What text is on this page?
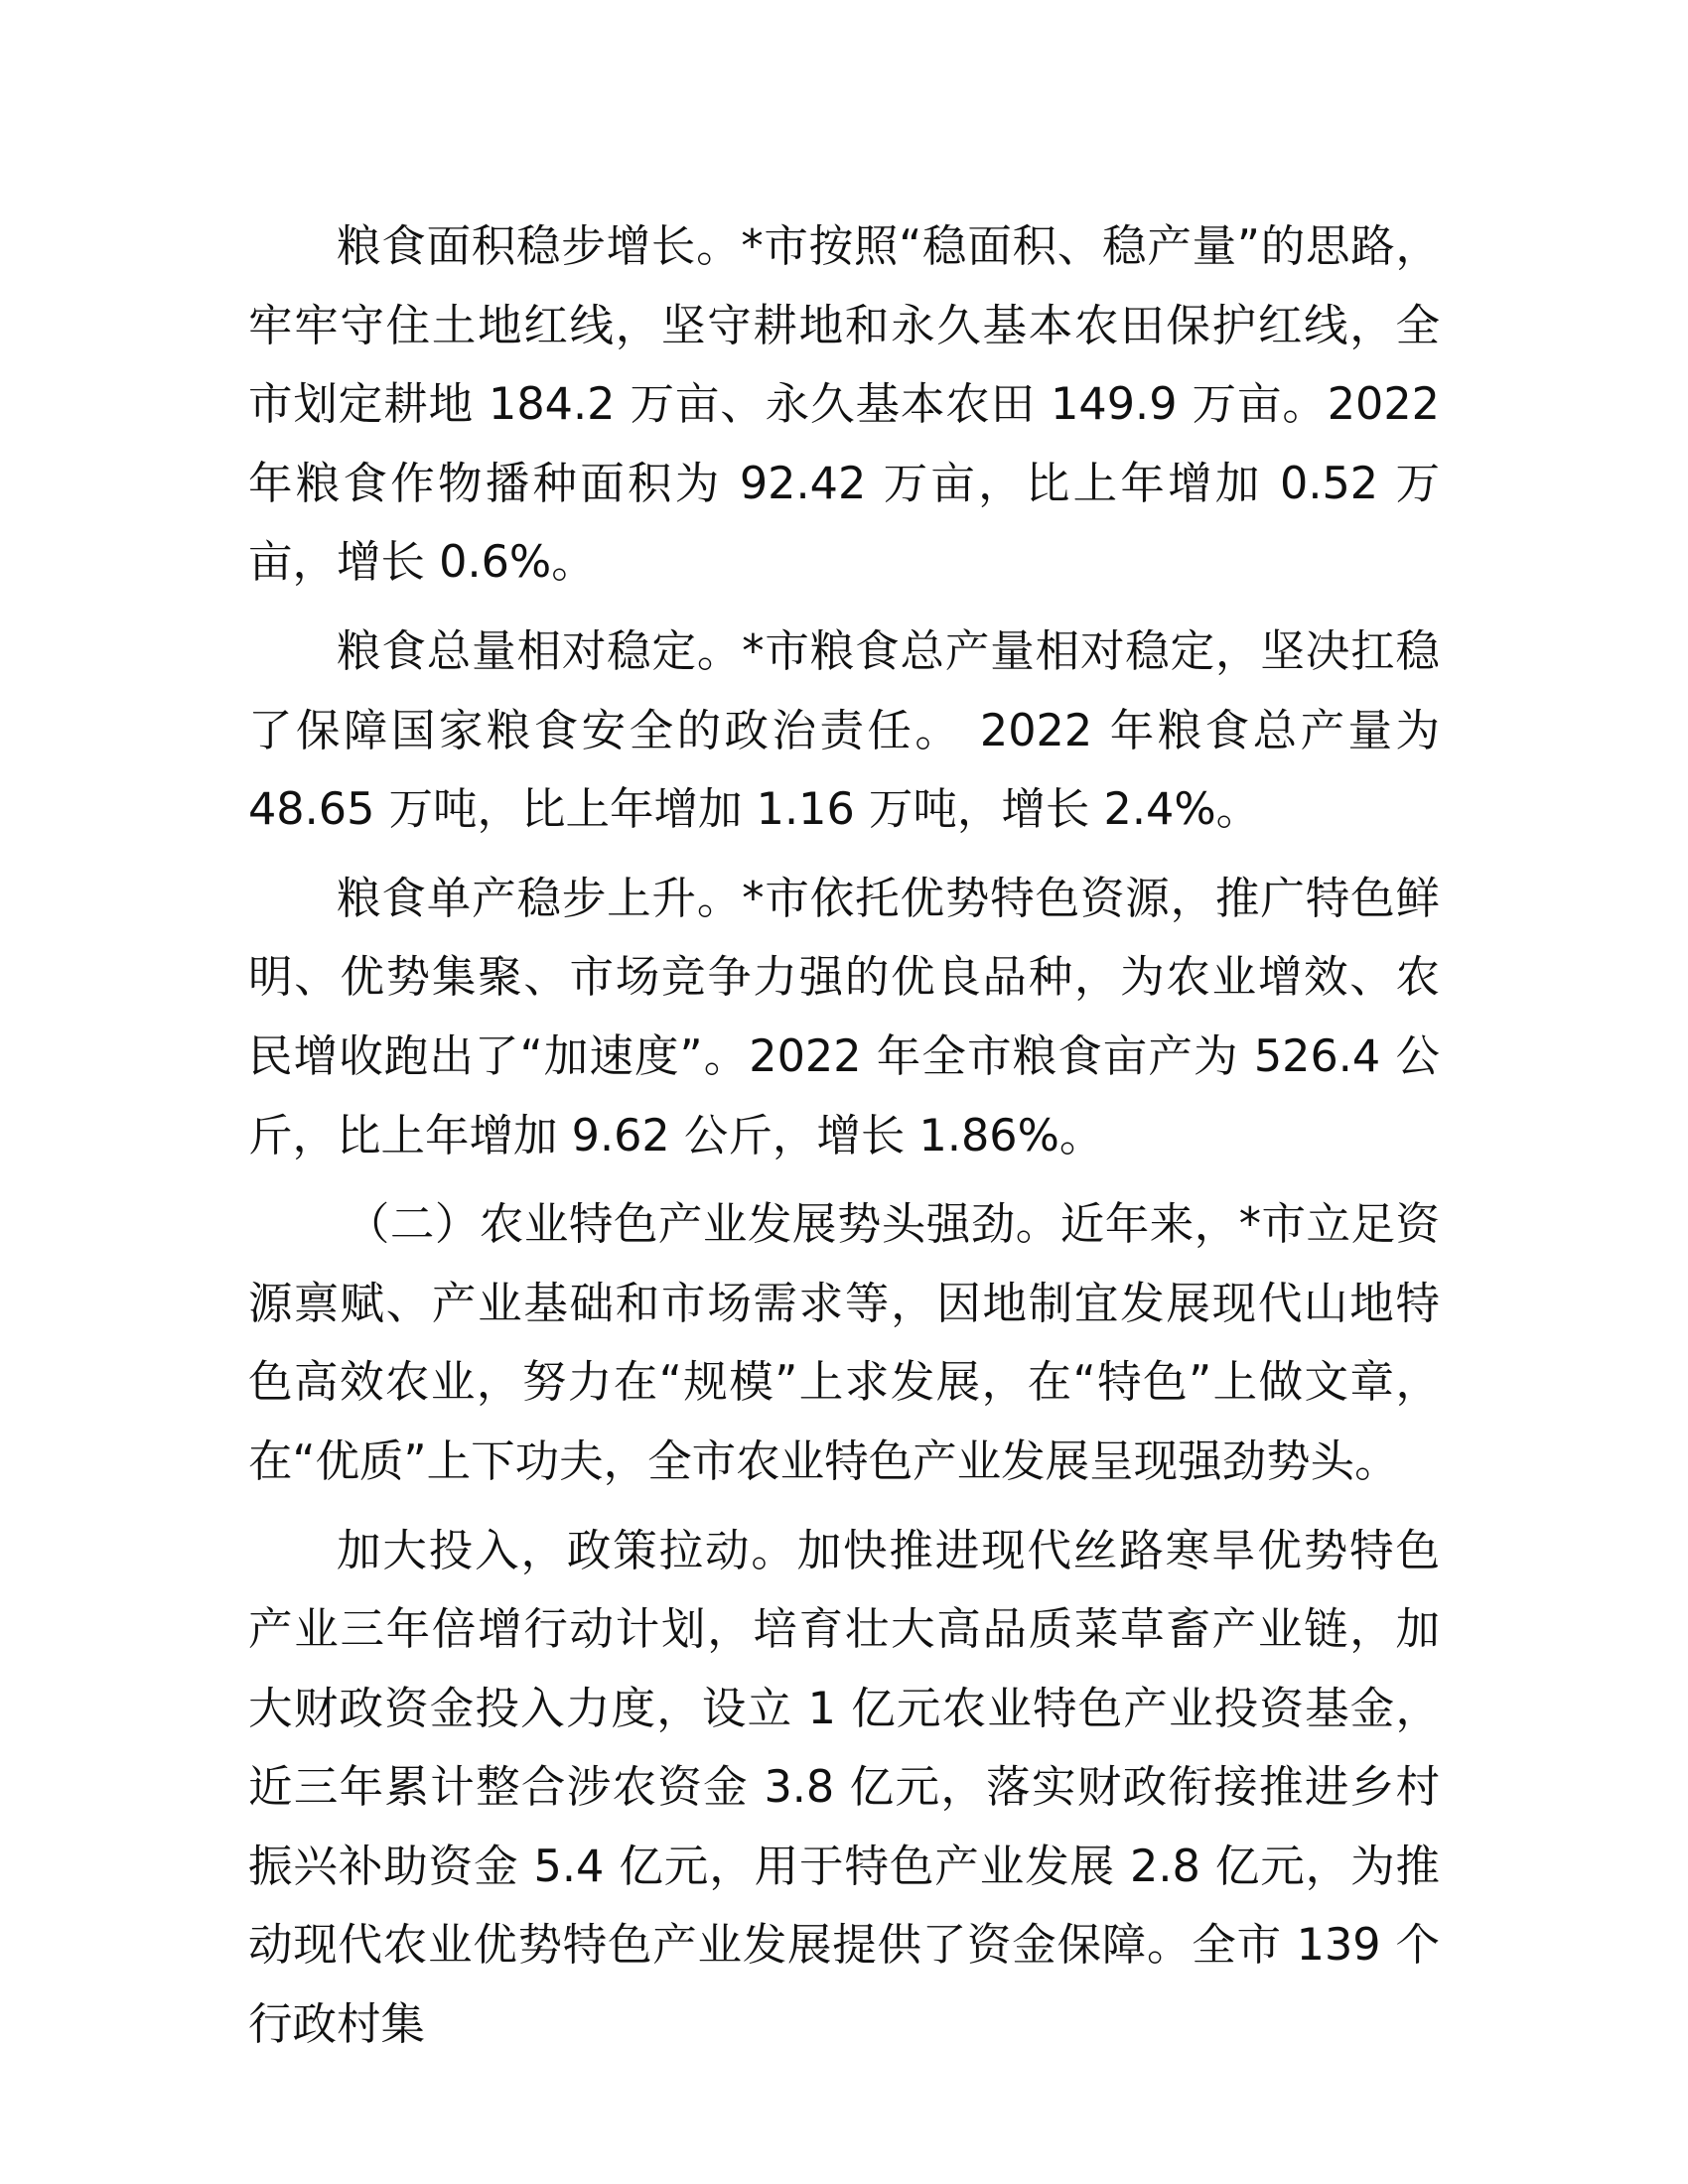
粮食面积稳步增长。*市按照“稳面积、稳产量”的思路，牢牢守住土地红线，坚守耕地和永久基本农田保护红线，全市划定耕地 184.2 万亩、永久基本农田 149.9 万亩。2022 年粮食作物播种面积为 92.42 万亩，比上年增加 0.52 万亩，增长 0.6%。

粮食总量相对稳定。*市粮食总产量相对稳定，坚决扛稳了保障国家粮食安全的政治责任。 2022 年粮食总产量为 48.65 万吨，比上年增加 1.16 万吨，增长 2.4%。

粮食单产稳步上升。*市依托优势特色资源，推广特色鲜明、优势集聚、市场竞争力强的优良品种，为农业增效、农民增收跑出了“加速度”。2022 年全市粮食亩产为 526.4 公斤，比上年增加 9.62 公斤，增长 1.86%。

（二）农业特色产业发展势头强劲。近年来，*市立足资源禀赋、产业基础和市场需求等，因地制宜发展现代山地特色高效农业，努力在“规模”上求发展，在“特色”上做文章，在“优质”上下功夫，全市农业特色产业发展呈现强劲势头。

加大投入，政策拉动。加快推进现代丝路寒旱优势特色产业三年倍增行动计划，培育壮大高品质菜草畜产业链，加大财政资金投入力度，设立 1 亿元农业特色产业投资基金，近三年累计整合涉农资金 3.8 亿元，落实财政衔接推进乡村振兴补助资金 5.4 亿元，用于特色产业发展 2.8 亿元，为推动现代农业优势特色产业发展提供了资金保障。全市 139 个行政村集
